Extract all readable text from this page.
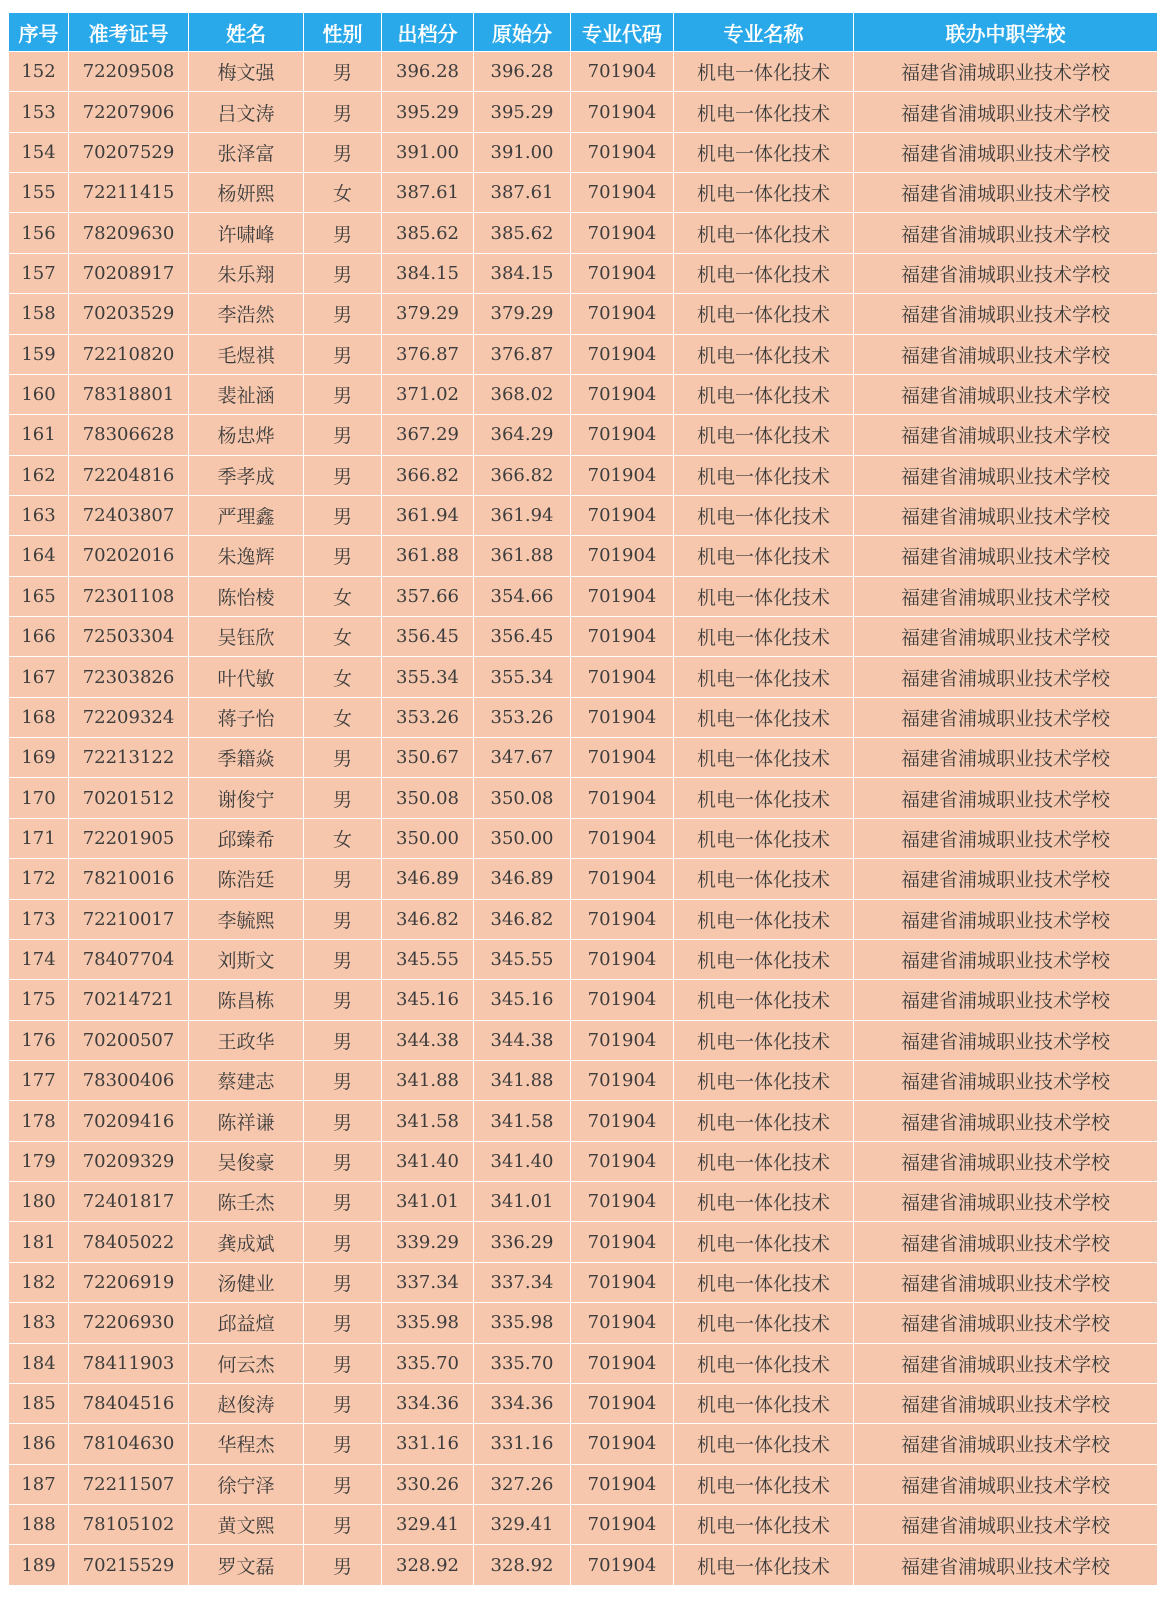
序号	准考证号	姓名	性别	出档分	原始分	专业代码	专业名称	联办中职学校
152	72209508	梅文强	男	396.28	396.28	701904	机电一体化技术	福建省浦城职业技术学校
153	72207906	吕文涛	男	395.29	395.29	701904	机电一体化技术	福建省浦城职业技术学校
154	70207529	张泽富	男	391.00	391.00	701904	机电一体化技术	福建省浦城职业技术学校
155	72211415	杨妍熙	女	387.61	387.61	701904	机电一体化技术	福建省浦城职业技术学校
156	78209630	许啸峰	男	385.62	385.62	701904	机电一体化技术	福建省浦城职业技术学校
157	70208917	朱乐翔	男	384.15	384.15	701904	机电一体化技术	福建省浦城职业技术学校
158	70203529	李浩然	男	379.29	379.29	701904	机电一体化技术	福建省浦城职业技术学校
159	72210820	毛煜祺	男	376.87	376.87	701904	机电一体化技术	福建省浦城职业技术学校
160	78318801	裴祉涵	男	371.02	368.02	701904	机电一体化技术	福建省浦城职业技术学校
161	78306628	杨忠烨	男	367.29	364.29	701904	机电一体化技术	福建省浦城职业技术学校
162	72204816	季孝成	男	366.82	366.82	701904	机电一体化技术	福建省浦城职业技术学校
163	72403807	严理鑫	男	361.94	361.94	701904	机电一体化技术	福建省浦城职业技术学校
164	70202016	朱逸辉	男	361.88	361.88	701904	机电一体化技术	福建省浦城职业技术学校
165	72301108	陈怡棱	女	357.66	354.66	701904	机电一体化技术	福建省浦城职业技术学校
166	72503304	吴钰欣	女	356.45	356.45	701904	机电一体化技术	福建省浦城职业技术学校
167	72303826	叶代敏	女	355.34	355.34	701904	机电一体化技术	福建省浦城职业技术学校
168	72209324	蒋子怡	女	353.26	353.26	701904	机电一体化技术	福建省浦城职业技术学校
169	72213122	季籍焱	男	350.67	347.67	701904	机电一体化技术	福建省浦城职业技术学校
170	70201512	谢俊宁	男	350.08	350.08	701904	机电一体化技术	福建省浦城职业技术学校
171	72201905	邱臻希	女	350.00	350.00	701904	机电一体化技术	福建省浦城职业技术学校
172	78210016	陈浩廷	男	346.89	346.89	701904	机电一体化技术	福建省浦城职业技术学校
173	72210017	李毓熙	男	346.82	346.82	701904	机电一体化技术	福建省浦城职业技术学校
174	78407704	刘斯文	男	345.55	345.55	701904	机电一体化技术	福建省浦城职业技术学校
175	70214721	陈昌栋	男	345.16	345.16	701904	机电一体化技术	福建省浦城职业技术学校
176	70200507	王政华	男	344.38	344.38	701904	机电一体化技术	福建省浦城职业技术学校
177	78300406	蔡建志	男	341.88	341.88	701904	机电一体化技术	福建省浦城职业技术学校
178	70209416	陈祥谦	男	341.58	341.58	701904	机电一体化技术	福建省浦城职业技术学校
179	70209329	吴俊豪	男	341.40	341.40	701904	机电一体化技术	福建省浦城职业技术学校
180	72401817	陈壬杰	男	341.01	341.01	701904	机电一体化技术	福建省浦城职业技术学校
181	78405022	龚成斌	男	339.29	336.29	701904	机电一体化技术	福建省浦城职业技术学校
182	72206919	汤健业	男	337.34	337.34	701904	机电一体化技术	福建省浦城职业技术学校
183	72206930	邱益煊	男	335.98	335.98	701904	机电一体化技术	福建省浦城职业技术学校
184	78411903	何云杰	男	335.70	335.70	701904	机电一体化技术	福建省浦城职业技术学校
185	78404516	赵俊涛	男	334.36	334.36	701904	机电一体化技术	福建省浦城职业技术学校
186	78104630	华程杰	男	331.16	331.16	701904	机电一体化技术	福建省浦城职业技术学校
187	72211507	徐宁泽	男	330.26	327.26	701904	机电一体化技术	福建省浦城职业技术学校
188	78105102	黄文熙	男	329.41	329.41	701904	机电一体化技术	福建省浦城职业技术学校
189	70215529	罗文磊	男	328.92	328.92	701904	机电一体化技术	福建省浦城职业技术学校
